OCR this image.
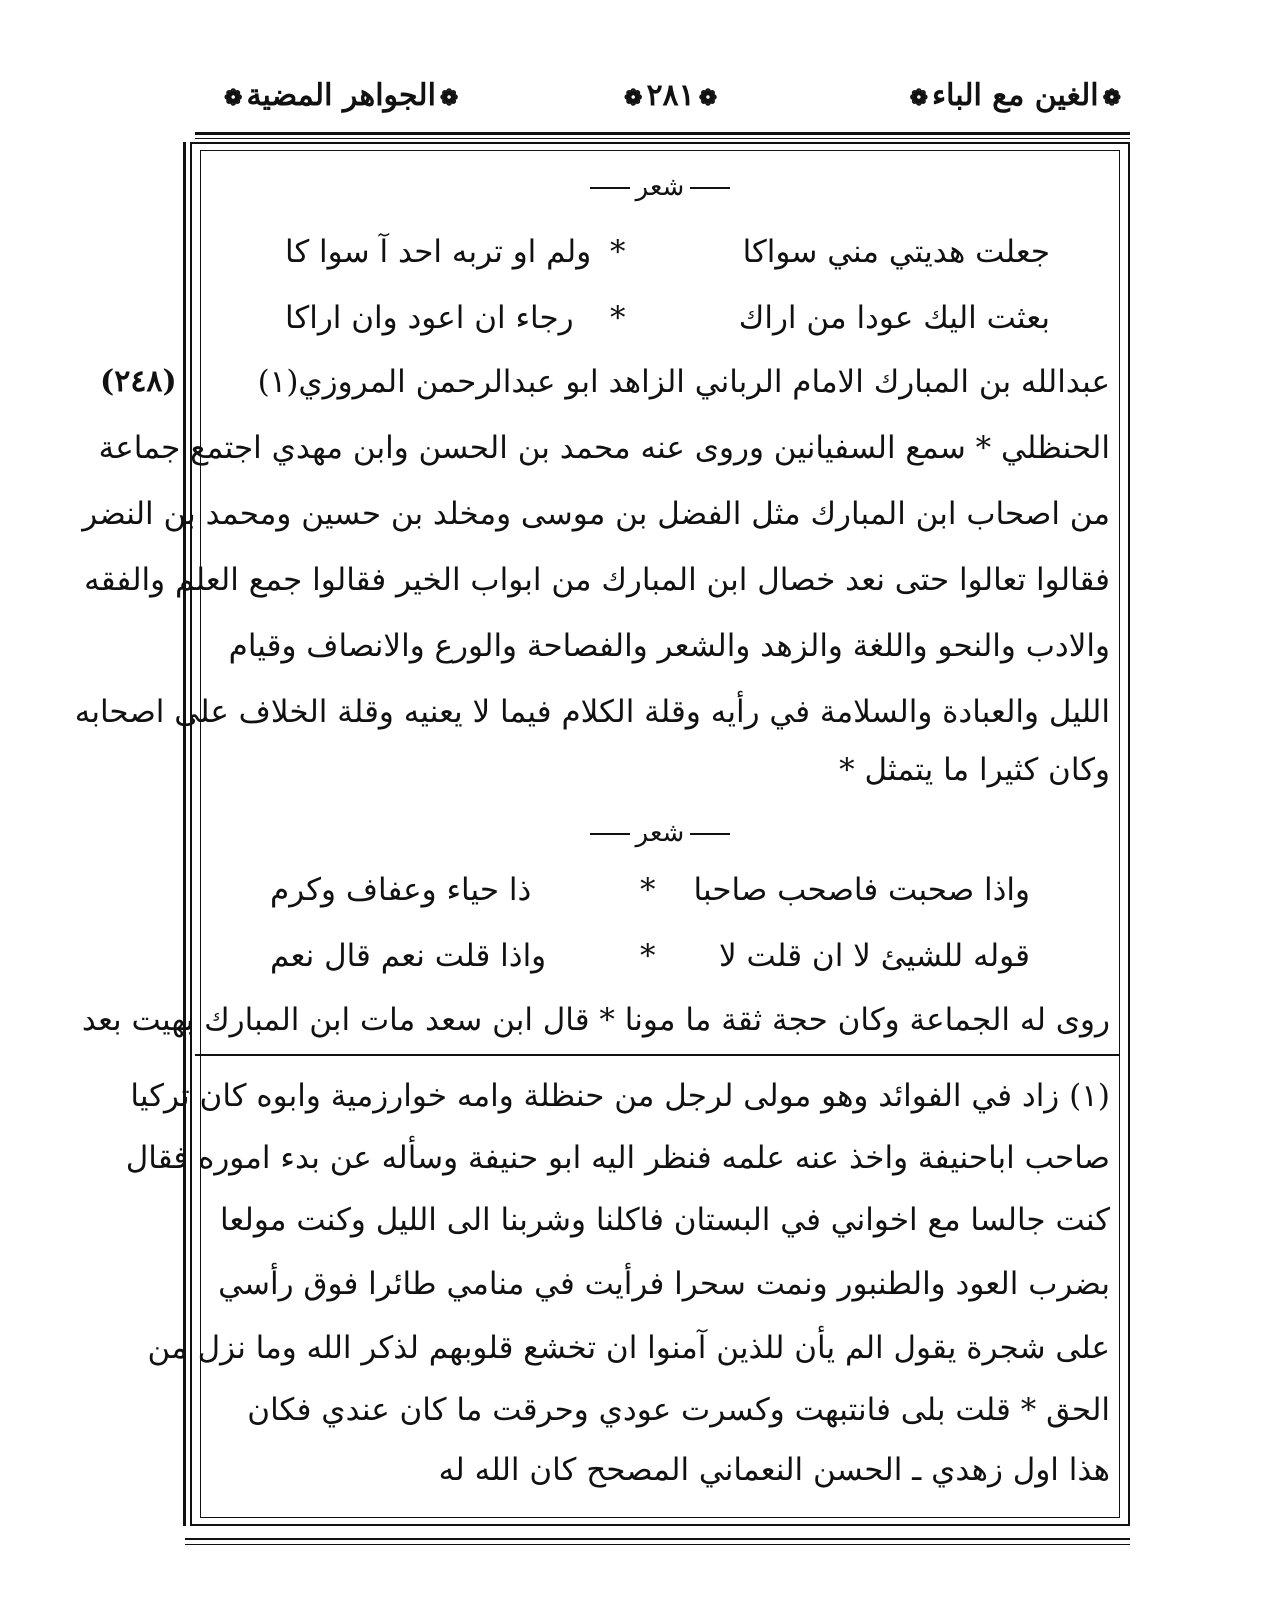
❁ الغين مع الباء ❁
❁ ٢٨١ ❁
❁ الجواهر المضية ❁
(٢٤٨)
شعر
جعلت هديتي مني سواكا
*
ولم او تربه احد آ سوا كا
بعثت اليك عودا من اراك
*
رجاء ان اعود وان اراكا
عبدالله بن المبارك الامام الرباني الزاهد ابو عبدالرحمن المروزي(١)
الحنظلي * سمع السفيانين وروى عنه محمد بن الحسن وابن مهدي اجتمع جماعة
من اصحاب ابن المبارك مثل الفضل بن موسى ومخلد بن حسين ومحمد بن النضر
فقالوا تعالوا حتى نعد خصال ابن المبارك من ابواب الخير فقالوا جمع العلم والفقه
والادب والنحو واللغة والزهد والشعر والفصاحة والورع والانصاف وقيام
الليل والعبادة والسلامة في رأيه وقلة الكلام فيما لا يعنيه وقلة الخلاف على اصحابه
وكان كثيرا ما يتمثل *
شعر
واذا صحبت فاصحب صاحبا
*
ذا حياء وعفاف وكرم
قوله للشيئ لا ان قلت لا
*
واذا قلت نعم قال نعم
روى له الجماعة وكان حجة ثقة ما مونا * قال ابن سعد مات ابن المبارك بهيت بعد
(١) زاد في الفوائد وهو مولى لرجل من حنظلة وامه خوارزمية وابوه كان تركيا
صاحب اباحنيفة واخذ عنه علمه فنظر اليه ابو حنيفة وسأله عن بدء اموره فقال
كنت جالسا مع اخواني في البستان فاكلنا وشربنا الى الليل وكنت مولعا
بضرب العود والطنبور ونمت سحرا فرأيت في منامي طائرا فوق رأسي
على شجرة يقول الم يأن للذين آمنوا ان تخشع قلوبهم لذكر الله وما نزل من
الحق * قلت بلى فانتبهت وكسرت عودي وحرقت ما كان عندي فكان
هذا اول زهدي ـ الحسن النعماني المصحح كان الله له
